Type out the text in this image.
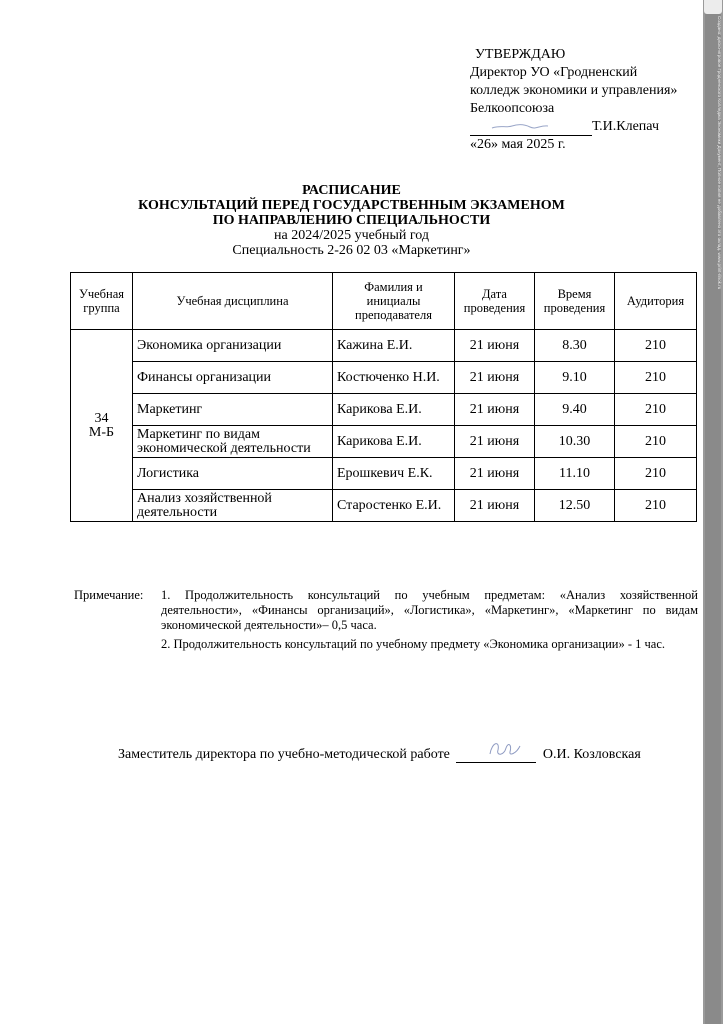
Создано: диско-игровое Гродненского Колледжа Экономики Документ, Полное копия не добавлено это оклад. www.print-rinok.ru
УТВЕРЖДАЮ
Директор УО «Гродненский
колледж экономики и управления»
Белкоопсоюза
Т.И.Клепач
«26» мая 2025 г.
РАСПИСАНИЕ
КОНСУЛЬТАЦИЙ ПЕРЕД ГОСУДАРСТВЕННЫМ ЭКЗАМЕНОМ
ПО НАПРАВЛЕНИЮ СПЕЦИАЛЬНОСТИ
на 2024/2025 учебный год
Специальность 2-26 02 03 «Маркетинг»
Учебная группа	Учебная дисциплина	Фамилия и инициалы преподавателя	Дата проведения	Время проведения	Аудитория

34
М-Б	Экономика организации	Кажина Е.И.	21 июня	8.30	210
	Финансы организации	Костюченко Н.И.	21 июня	9.10	210
	Маркетинг	Карикова Е.И.	21 июня	9.40	210
	Маркетинг по видам экономической деятельности	Карикова Е.И.	21 июня	10.30	210
	Логистика	Ерошкевич Е.К.	21 июня	11.10	210
	Анализ хозяйственной деятельности	Старостенко Е.И.	21 июня	12.50	210
Примечание: 1. Продолжительность консультаций по учебным предметам: «Анализ хозяйственной деятельности», «Финансы организаций», «Логистика», «Маркетинг», «Маркетинг по видам экономической деятельности»– 0,5 часа.

2. Продолжительность консультаций по учебному предмету «Экономика организации» - 1 час.

Заместитель директора по учебно-методической работе	О.И. Козловская
